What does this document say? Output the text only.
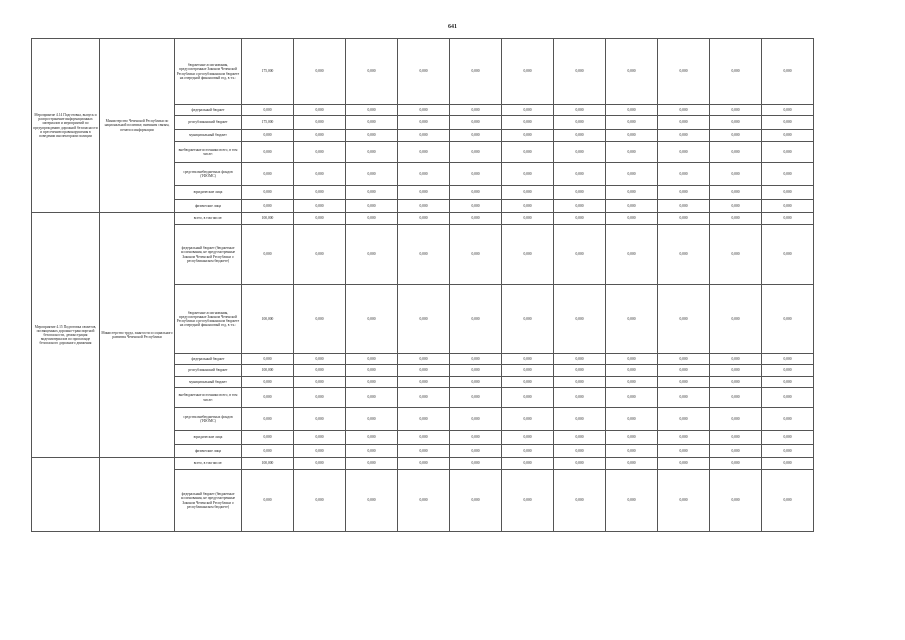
641
Мероприятие 4.14 Подготовка, выпуск и распространение информационных материалов и мероприятий по предупреждению дорожной безопасности и пресечению правонарушения в поведении инспекторами полиции	Министерство Чеченской Республики по национальной политике, внешним связям, печати и информации	бюджетные ассигнования, предусмотренные Законом Чеченской Республики о республиканском бюджете на очередной финансовый год, в т.ч.:	175,000	0,000	0,000	0,000	0,000	0,000	0,000	0,000	0,000	0,000	0,000
		федеральный бюджет	0,000	0,000	0,000	0,000	0,000	0,000	0,000	0,000	0,000	0,000	0,000
		республиканский бюджет	175,000	0,000	0,000	0,000	0,000	0,000	0,000	0,000	0,000	0,000	0,000
		муниципальный бюджет	0,000	0,000	0,000	0,000	0,000	0,000	0,000	0,000	0,000	0,000	0,000
		внебюджетные источники всего, в том числе:	0,000	0,000	0,000	0,000	0,000	0,000	0,000	0,000	0,000	0,000	0,000
		средства внебюджетных фондов (ТФОМС)	0,000	0,000	0,000	0,000	0,000	0,000	0,000	0,000	0,000	0,000	0,000
		юридические лица	0,000	0,000	0,000	0,000	0,000	0,000	0,000	0,000	0,000	0,000	0,000
		физические лица	0,000	0,000	0,000	0,000	0,000	0,000	0,000	0,000	0,000	0,000	0,000
Мероприятие 4.15 Подготовка сюжетов, посвященных дорожно-транспортной безопасности, демонстрация видеоматериалов по пропаганде безопасного дорожного движения	Министерство труда, занятости и социального развития Чеченской Республики	всего, в том числе:	100,000	0,000	0,000	0,000	0,000	0,000	0,000	0,000	0,000	0,000	0,000
		федеральный бюджет (бюджетные ассигнования, не предусмотренные Законом Чеченской Республики о республиканском бюджете)	0,000	0,000	0,000	0,000	0,000	0,000	0,000	0,000	0,000	0,000	0,000
		бюджетные ассигнования, предусмотренные Законом Чеченской Республики о республиканском бюджете на очередной финансовый год, в т.ч.:	100,000	0,000	0,000	0,000	0,000	0,000	0,000	0,000	0,000	0,000	0,000
		федеральный бюджет	0,000	0,000	0,000	0,000	0,000	0,000	0,000	0,000	0,000	0,000	0,000
		республиканский бюджет	100,000	0,000	0,000	0,000	0,000	0,000	0,000	0,000	0,000	0,000	0,000
		муниципальный бюджет	0,000	0,000	0,000	0,000	0,000	0,000	0,000	0,000	0,000	0,000	0,000
		внебюджетные источники всего, в том числе:	0,000	0,000	0,000	0,000	0,000	0,000	0,000	0,000	0,000	0,000	0,000
		средства внебюджетных фондов (ТФОМС)	0,000	0,000	0,000	0,000	0,000	0,000	0,000	0,000	0,000	0,000	0,000
		юридические лица	0,000	0,000	0,000	0,000	0,000	0,000	0,000	0,000	0,000	0,000	0,000
		физические лица	0,000	0,000	0,000	0,000	0,000	0,000	0,000	0,000	0,000	0,000	0,000
		всего, в том числе:	100,000	0,000	0,000	0,000	0,000	0,000	0,000	0,000	0,000	0,000	0,000
		федеральный бюджет (бюджетные ассигнования, не предусмотренные Законом Чеченской Республики о республиканском бюджете)	0,000	0,000	0,000	0,000	0,000	0,000	0,000	0,000	0,000	0,000	0,000
